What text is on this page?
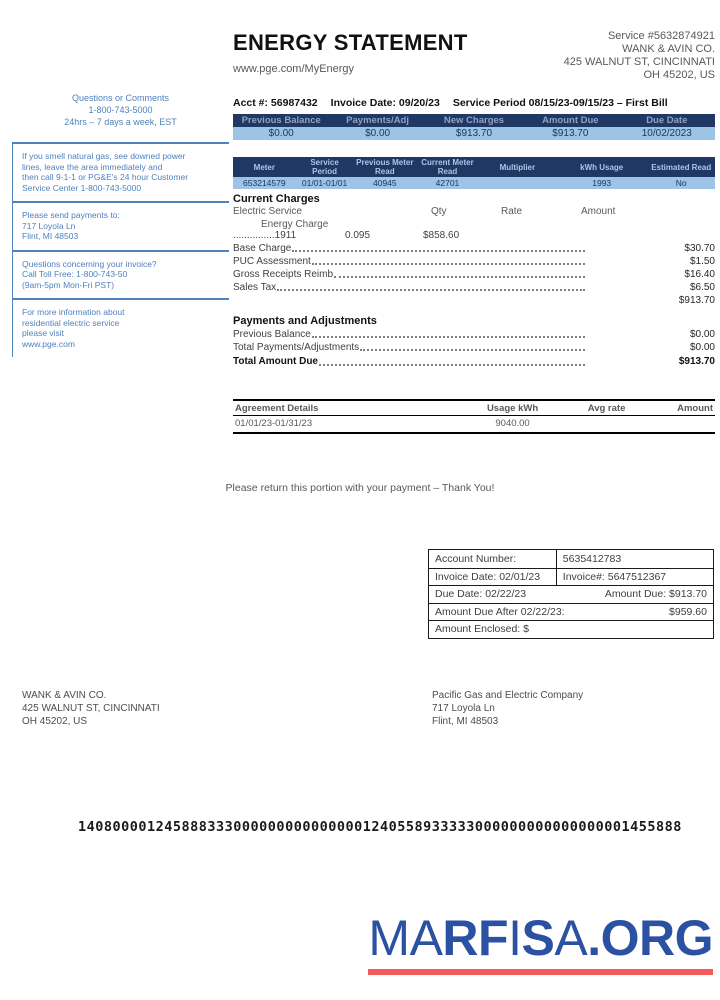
Questions or Comments
1-800-743-5000
24hrs – 7 days a week, EST
If you smell natural gas, see downed power
lines, leave the area immediately and
then call 9-1-1 or PG&E's 24 hour Customer
Service Center 1-800-743-5000
Please send payments to:
717 Loyola Ln
Flint, MI 48503
Questions concerning your invoice?
Call Toll Free: 1-800-743-50
(9am-5pm Mon-Fri PST)
For more information about
residential electric service
please visit
www.pge.com
ENERGY STATEMENT
www.pge.com/MyEnergy
Service #5632874921
WANK & AVIN CO.
425 WALNUT ST, CINCINNATI
OH 45202, US
Acct #: 56987432 Invoice Date: 09/20/23 Service Period 08/15/23-09/15/23 – First Bill
Previous Balance	Payments/Adj	New Charges	Amount Due	Due Date
$0.00	$0.00	$913.70	$913.70	10/02/2023
Meter	Service Period	Previous Meter Read	Current Meter Read	Multiplier	kWh Usage	Estimated Read
653214579	01/01-01/01	40945	42701		1993	No
Current Charges
Electric Service	Qty	Rate	Amount
Energy Charge
...............1911	0.095	$858.60
Base Charge	$30.70
PUC Assessment	$1.50
Gross Receipts Reimb	$16.40
Sales Tax	$6.50
$913.70
Payments and Adjustments
Previous Balance	$0.00
Total Payments/Adjustments	$0.00
Total Amount Due	$913.70
Agreement Details	Usage kWh	Avg rate	Amount
01/01/23-01/31/23	9040.00		
Please return this portion with your payment – Thank You!
Account Number:	5635412783
Invoice Date: 02/01/23	Invoice#: 5647512367
Due Date: 02/22/23	Amount Due: $913.70
Amount Due After 02/22/23:	$959.60
Amount Enclosed: $
WANK & AVIN CO.
425 WALNUT ST, CINCINNATI
OH 45202, US
Pacific Gas and Electric Company
717 Loyola Ln
Flint, MI 48503
1408000012458883330000000000000001240558933333000000000000000001455888
MARFISA.ORG
